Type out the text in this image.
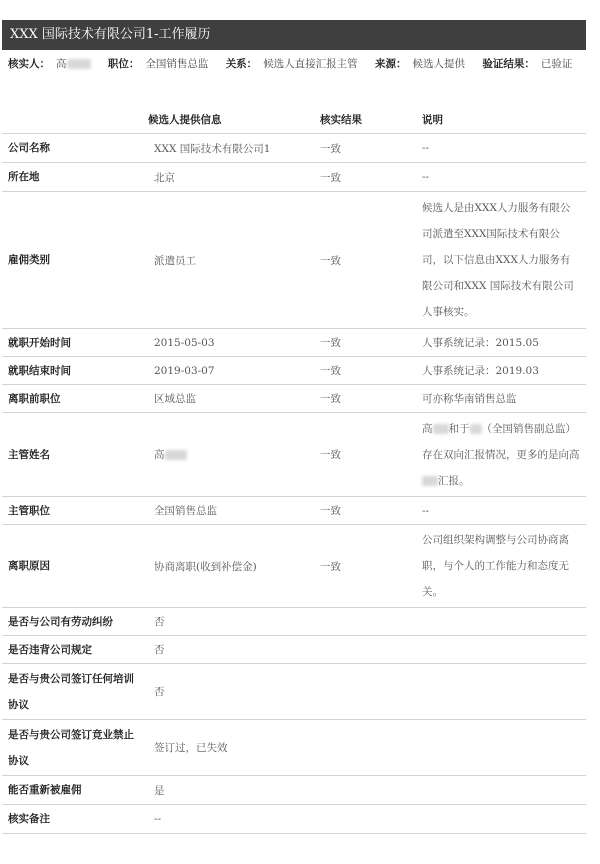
XXX 国际技术有限公司1-工作履历
核实人： 高	职位： 全国销售总监 关系： 候选人直接汇报主管 来源： 候选人提供 验证结果： 已验证
	候选人提供信息	核实结果	说明
公司名称	XXX 国际技术有限公司1	一致	--
所在地	北京	一致	--
雇佣类别	派遣员工	一致	候选人是由XXX人力服务有限公司派遣至XXX国际技术有限公司，以下信息由XXX人力服务有限公司和XXX 国际技术有限公司人事核实。
就职开始时间	2015-05-03	一致	人事系统记录：2015.05
就职结束时间	2019-03-07	一致	人事系统记录：2019.03
离职前职位	区域总监	一致	可亦称华南销售总监
主管姓名	高	一致	高 和于 （全国销售副总监）存在双向汇报情况，更多的是向高汇报。
主管职位	全国销售总监	一致	--
离职原因	协商离职(收到补偿金)	一致	公司组织架构调整与公司协商离职，与个人的工作能力和态度无关。
是否与公司有劳动纠纷	否		
是否违背公司规定	否		
是否与贵公司签订任何培训协议	否		
是否与贵公司签订竞业禁止协议	签订过，已失效		
能否重新被雇佣	是		
核实备注	--		
